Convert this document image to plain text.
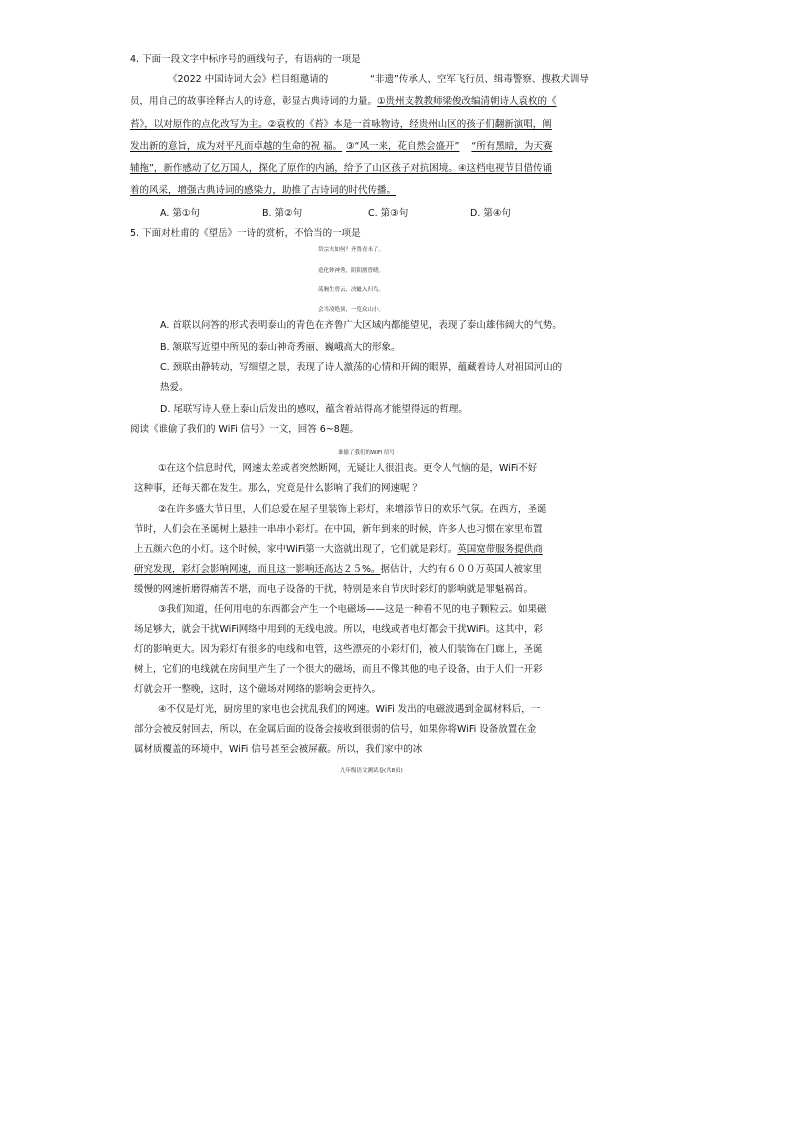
4. 下面一段文字中标序号的画线句子，有语病的一项是
《2022 中国诗词大会》栏目组邀请的	“非遗”传承人、空军飞行员、缉毒警察、搜救犬训导
员，用自己的故事诠释古人的诗意，彰显古典诗词的力量。①贵州支教教师梁俊改编清朝诗人袁枚的《
苔》，以对原作的点化改写为主。②袁枚的《苔》本是一首咏物诗，经贵州山区的孩子们翻新演唱，阐
发出新的意旨，成为对平凡而卓越的生命的祝 福。 ③“风一来，花自然会盛开” “所有黑暗，为天赛
辅拖”，新作感动了亿万国人，探化了原作的内涵，给予了山区孩子对抗困境。④这档电视节目借传诵
着的风采，增强古典诗词的感染力，助推了古诗词的时代传播。
A. 第①句	B. 第②句	C. 第③句	D. 第④句
5. 下面对杜甫的《望岳》一诗的赏析，不恰当的一项是
岱宗夫如何？齐鲁青未了。
造化钟神秀，阴阳割昏晓。
荡胸生曾云，决眦入归鸟。
会当凌绝顶，一览众山小。
A. 首联以问答的形式表明泰山的青色在齐鲁广大区域内都能望见，表现了泰山雄伟阔大的气势。
B. 颔联写近望中所见的泰山神奇秀丽、巍峨高大的形象。
C. 颈联由静转动，写细望之景，表现了诗人激荡的心情和开阔的眼界，蕴藏着诗人对祖国河山的
热爱。
D. 尾联写诗人登上泰山后发出的感叹，蕴含着站得高才能望得远的哲理。
阅读《谁偷了我们的 WiFi 信号》一文，回答 6~8题。
谁偷了我们的WiFi 信号
①在这个信息时代，网速太差或者突然断网，无疑让人很沮丧。更令人气恼的是，WiFi不好
这种事，还每天都在发生。那么，究竟是什么影响了我们的网速呢 ？
②在许多盛大节日里，人们总爱在屋子里装饰上彩灯，来增添节日的欢乐气氛。在西方，圣诞
节时，人们会在圣诞树上悬挂一串串小彩灯。在中国，新年到来的时候，许多人也习惯在家里布置
上五颜六色的小灯。这个时候，家中WiFi第一大盗就出现了，它们就是彩灯。英国宽带服务提供商
研究发现，彩灯会影响网速，而且这一影响还高达２５%。据估计，大约有６００万英国人被家里
缓慢的网速折磨得痛苦不堪，而电子设备的干扰，特别是来自节庆时彩灯的影响就是罪魁祸首。
③我们知道，任何用电的东西都会产生一个电磁场——这是一种看不见的电子颗粒云。如果磁
场足够大，就会干扰WiFi网络中用到的无线电波。所以，电线或者电灯都会干扰WiFi。这其中，彩
灯的影响更大。因为彩灯有很多的电线和电管，这些漂亮的小彩灯们，被人们装饰在门廊上，圣诞
树上，它们的电线就在房间里产生了一个很大的磁场，而且不像其他的电子设备，由于人们一开彩
灯就会开一整晚，这时，这个磁场对网络的影响会更持久。
④不仅是灯光，厨房里的家电也会扰乱我们的网速。WiFi 发出的电磁波遇到金属材料后，一
部分会被反射回去，所以，在金属后面的设备会接收到很弱的信号，如果你将WiFi 设备放置在金
属材质覆盖的环境中，WiFi 信号甚至会被屏蔽。所以，我们家中的冰
九年级语文测试卷(共8页)
